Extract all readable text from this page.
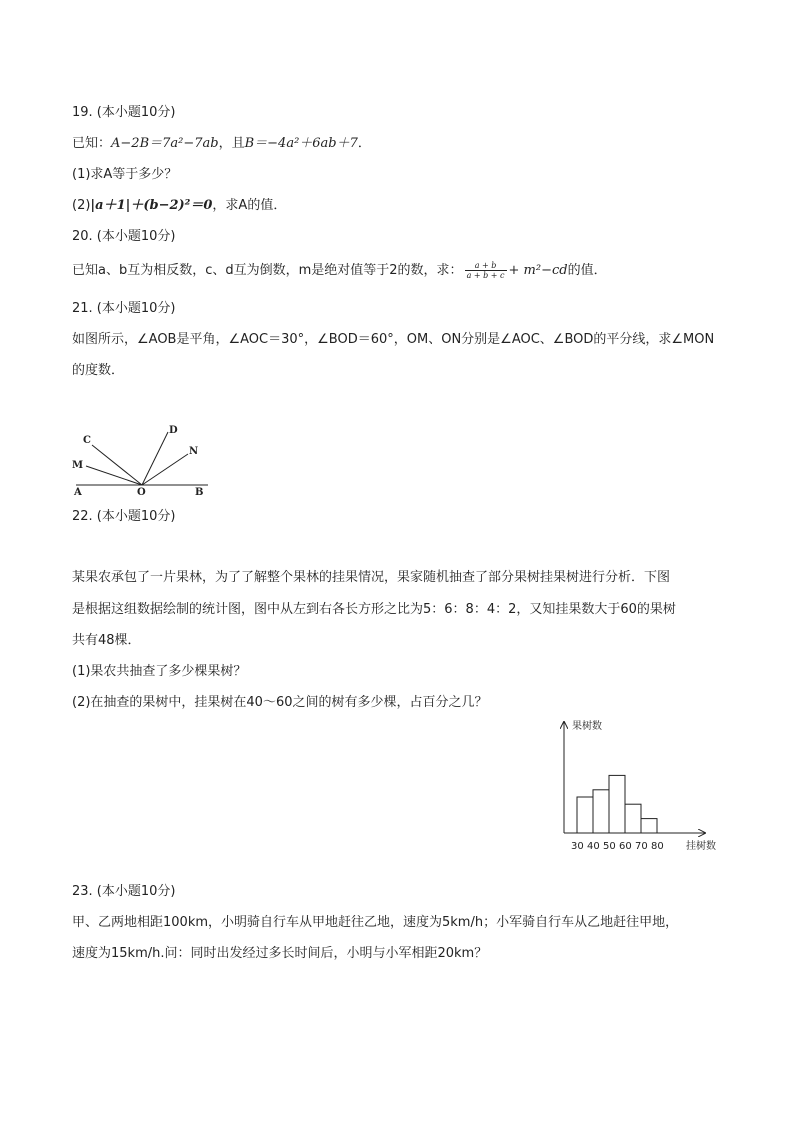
19. (本小题10分)
已知：A−2B＝7a²−7ab，且B＝−4a²＋6ab＋7．
(1)求A等于多少？
(2)|a＋1|＋(b−2)²＝0，求A的值．
20. (本小题10分)
已知a、b互为相反数，c、d互为倒数，m是绝对值等于2的数，求： $\frac{a + b}{a + b + c} + m^2-cd$的值．
21. (本小题10分)
如图所示，∠AOB是平角，∠AOC＝30°，∠BOD＝60°，OM、ON分别是∠AOC、∠BOD的平分线，求∠MON
的度数．
A	O	B
C
M
D
N
22. (本小题10分)
某果农承包了一片果林，为了了解整个果林的挂果情况，果家随机抽查了部分果树挂果树进行分析．下图
是根据这组数据绘制的统计图，图中从左到右各长方形之比为5：6：8：4：2，又知挂果数大于60的果树
共有48棵．
(1)果农共抽查了多少棵果树？
(2)在抽查的果树中，挂果树在40～60之间的树有多少棵，占百分之几？
果树数
挂树数
30 40 50 60 70 80
23. (本小题10分)
甲、乙两地相距100km，小明骑自行车从甲地赶往乙地，速度为5km/h；小军骑自行车从乙地赶往甲地，
速度为15km/h.问：同时出发经过多长时间后，小明与小军相距20km？
